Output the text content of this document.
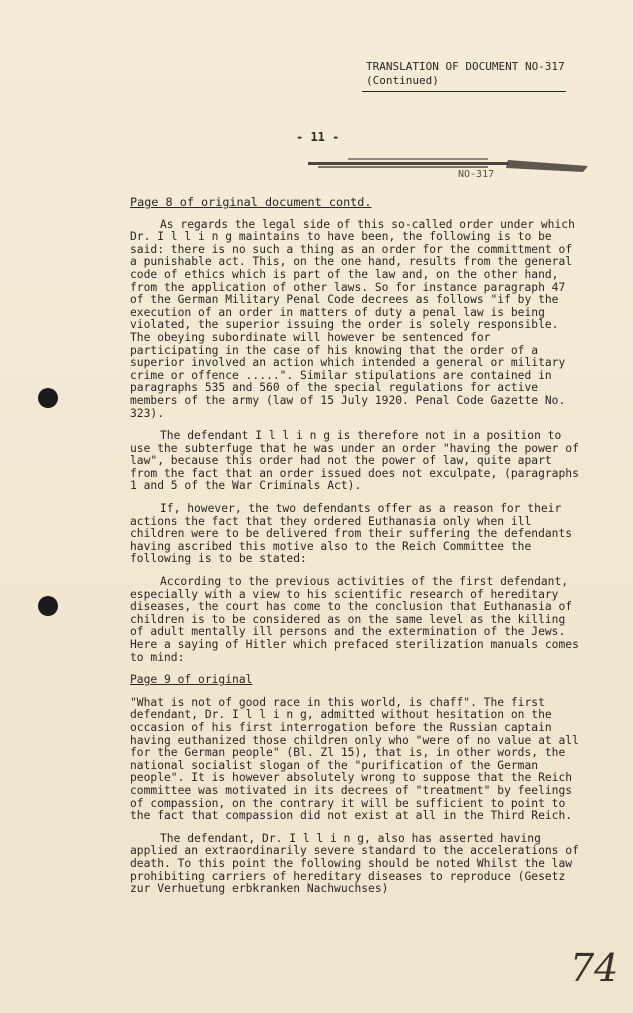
TRANSLATION OF DOCUMENT NO-317
(Continued)
- 11 -
NO-317

Page 8 of original document contd.

As regards the legal side of this so-called order under which Dr. I l l i n g maintains to have been, the following is to be said: there is no such a thing as an order for the committment of a punishable act. This, on the one hand, results from the general code of ethics which is part of the law and, on the other hand, from the application of other laws. So for instance paragraph 47 of the German Military Penal Code decrees as follows "if by the execution of an order in matters of duty a penal law is being violated, the superior issuing the order is solely responsible. The obeying subordinate will however be sentenced for participating in the case of his knowing that the order of a superior involved an action which intended a general or military crime or offence .....". Similar stipulations are contained in paragraphs 535 and 560 of the special regulations for active members of the army (law of 15 July 1920. Penal Code Gazette No. 323).

The defendant I l l i n g is therefore not in a position to use the subterfuge that he was under an order "having the power of law", because this order had not the power of law, quite apart from the fact that an order issued does not exculpate, (paragraphs 1 and 5 of the War Criminals Act).

If, however, the two defendants offer as a reason for their actions the fact that they ordered Euthanasia only when ill children were to be delivered from their suffering the defendants having ascribed this motive also to the Reich Committee the following is to be stated:

According to the previous activities of the first defendant, especially with a view to his scientific research of hereditary diseases, the court has come to the conclusion that Euthanasia of children is to be considered as on the same level as the killing of adult mentally ill persons and the extermination of the Jews. Here a saying of Hitler which prefaced sterilization manuals comes to mind:

Page 9 of original

"What is not of good race in this world, is chaff". The first defendant, Dr. I l l i n g, admitted without hesitation on the occasion of his first interrogation before the Russian captain having euthanized those children only who "were of no value at all for the German people" (Bl. Zl 15), that is, in other words, the national socialist slogan of the "purification of the German people". It is however absolutely wrong to suppose that the Reich committee was motivated in its decrees of "treatment" by feelings of compassion, on the contrary it will be sufficient to point to the fact that compassion did not exist at all in the Third Reich.

The defendant, Dr. I l l i n g, also has asserted having applied an extraordinarily severe standard to the accelerations of death. To this point the following should be noted Whilst the law prohibiting carriers of hereditary diseases to reproduce (Gesetz zur Verhuetung erbkranken Nachwuchses)

74
